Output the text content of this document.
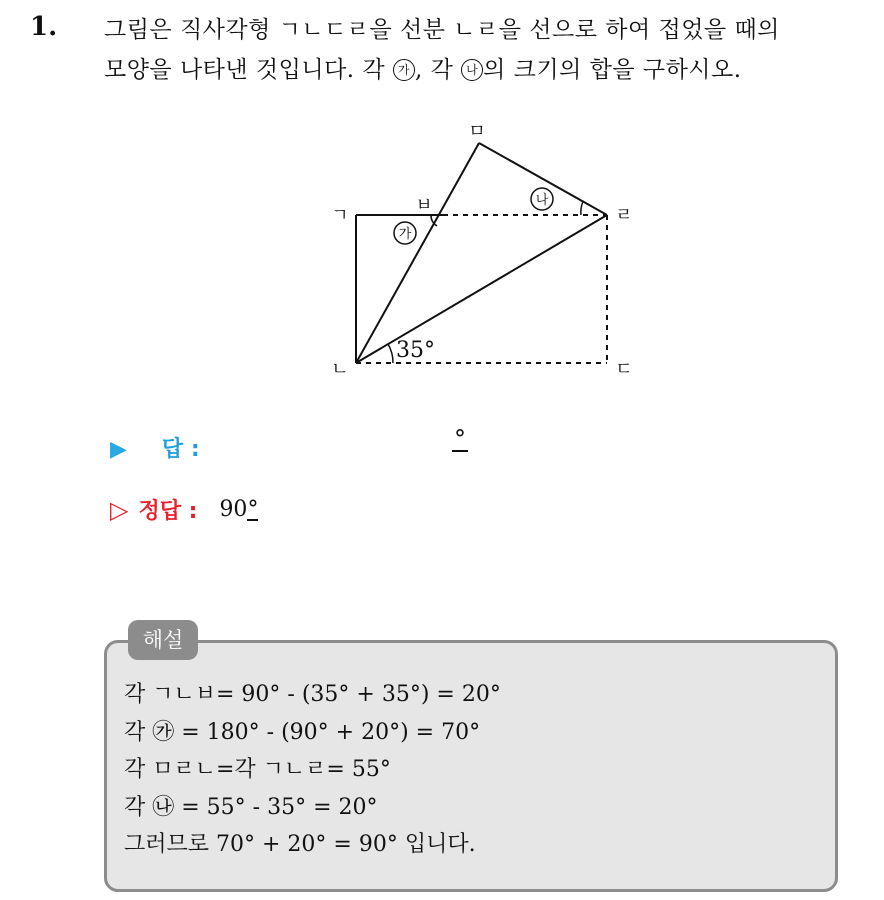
1. 그림은 직사각형 ㄱㄴㄷㄹ을 선분 ㄴㄹ을 선으로 하여 접었을 때의
모양을 나타낸 것입니다. 각 가 , 각 나 의 크기의 합을 구하시오.
가
나
35°
ㅁ
ㄱ	ㅂ	ㄹ
ㄴ	ㄷ
▶ 답 :	°
▷ 정답 : 90°
해설
각 ㄱㄴㅂ= 90° - (35° + 35°) = 20°
각 ㉮ = 180° - (90° + 20°) = 70°
각 ㅁㄹㄴ=각 ㄱㄴㄹ= 55°
각 ㉯ = 55° - 35° = 20°
그러므로 70° + 20° = 90° 입니다.
